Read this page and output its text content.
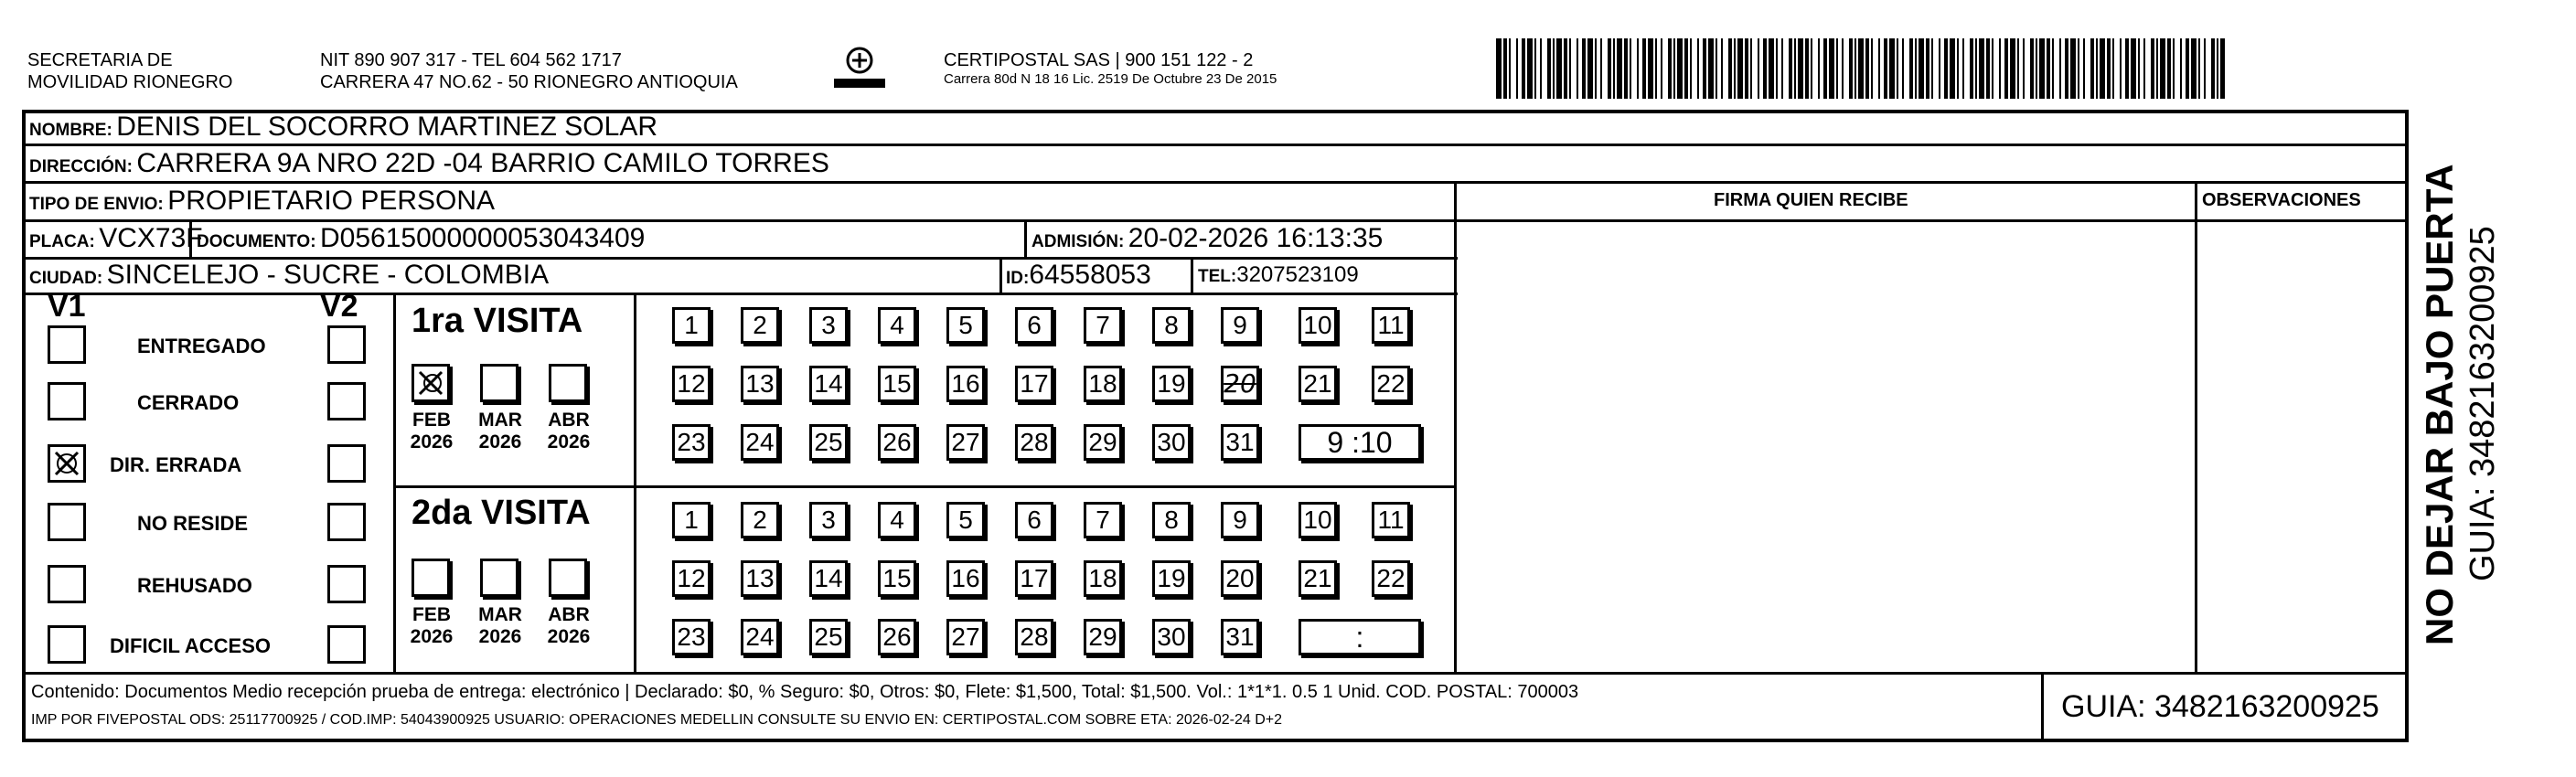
SECRETARIA DE
MOVILIDAD RIONEGRO
NIT 890 907 317 - TEL 604 562 1717
CARRERA 47 NO.62 - 50 RIONEGRO ANTIOQUIA
CERTIPOSTAL SAS | 900 151 122 - 2
Carrera 80d N 18 16 Lic. 2519 De Octubre 23 De 2015
NOMBRE: DENIS DEL SOCORRO MARTINEZ SOLAR
DIRECCIÓN: CARRERA 9A NRO 22D -04 BARRIO CAMILO TORRES
TIPO DE ENVIO: PROPIETARIO PERSONA
PLACA: VCX73F
DOCUMENTO: D05615000000053043409	ADMISIÓN: 20-02-2026 16:13:35
CIUDAD: SINCELEJO - SUCRE - COLOMBIA	ID:64558053	TEL:3207523109
FIRMA QUIEN RECIBE	OBSERVACIONES
V1	V2
ENTREGADO
CERRADO
DIR. ERRADA
NO RESIDE
REHUSADO
DIFICIL ACCESO
1ra VISITA
2da VISITA
FEB
2026
MAR
2026
ABR
2026
1	2	3	4	5	6	7	8	9	10 11
12 13 14 15 16 17 18 19 20 21 22
23 24 25 26 27 28 29 30 31	9 :10
FEB
2026
MAR
2026
ABR
2026
1	2	3	4	5	6	7	8	9	10 11
12 13 14 15 16 17 18 19 20 21 22
23 24 25 26 27 28 29 30 31	:
Contenido: Documentos Medio recepción prueba de entrega: electrónico | Declarado: $0, % Seguro: $0, Otros: $0, Flete: $1,500, Total: $1,500. Vol.: 1*1*1. 0.5 1 Unid. COD. POSTAL: 700003
IMP POR FIVEPOSTAL ODS: 25117700925 / COD.IMP: 54043900925 USUARIO: OPERACIONES MEDELLIN CONSULTE SU ENVIO EN: CERTIPOSTAL.COM SOBRE ETA: 2026-02-24 D+2	GUIA: 3482163200925
NO DEJAR BAJO PUERTA GUIA: 3482163200925
